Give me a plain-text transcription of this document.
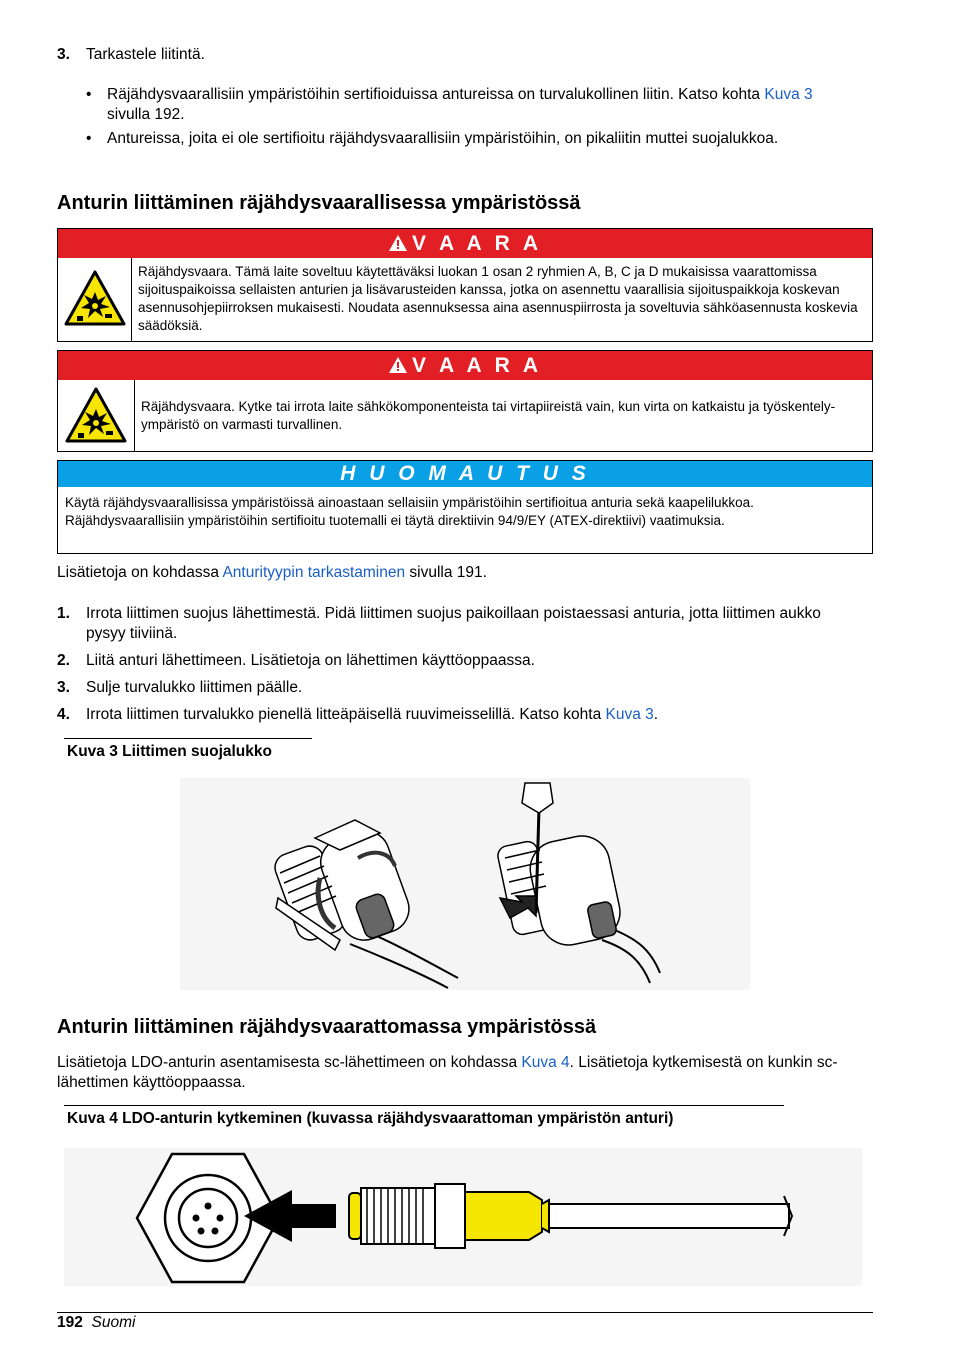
3. Tarkastele liitintä.
• Räjähdysvaarallisiin ympäristöihin sertifioiduissa antureissa on turvalukollinen liitin. Katso kohta Kuva 3 sivulla 192.
• Antureissa, joita ei ole sertifioitu räjähdysvaarallisiin ympäristöihin, on pikaliitin muttei suojalukkoa.
Anturin liittäminen räjähdysvaarallisessa ympäristössä
V A A R A
Räjähdysvaara. Tämä laite soveltuu käytettäväksi luokan 1 osan 2 ryhmien A, B, C ja D mukaisissa vaarattomissa sijoituspaikoissa sellaisten anturien ja lisävarusteiden kanssa, jotka on asennettu vaarallisia sijoituspaikkoja koskevan asennusohjepiirroksen mukaisesti. Noudata asennuksessa aina asennuspiirrosta ja soveltuvia sähköasennusta koskevia säädöksiä.
V A A R A
Räjähdysvaara. Kytke tai irrota laite sähkökomponenteista tai virtapiireistä vain, kun virta on katkaistu ja työskentely-ympäristö on varmasti turvallinen.
H U O M A U T U S
Käytä räjähdysvaarallisissa ympäristöissä ainoastaan sellaisiin ympäristöihin sertifioitua anturia sekä kaapelilukkoa. Räjähdysvaarallisiin ympäristöihin sertifioitu tuotemalli ei täytä direktiivin 94/9/EY (ATEX-direktiivi) vaatimuksia.
Lisätietoja on kohdassa Anturityypin tarkastaminen sivulla 191.
1. Irrota liittimen suojus lähettimestä. Pidä liittimen suojus paikoillaan poistaessasi anturia, jotta liittimen aukko pysyy tiiviinä.
2. Liitä anturi lähettimeen. Lisätietoja on lähettimen käyttöoppaassa.
3. Sulje turvalukko liittimen päälle.
4. Irrota liittimen turvalukko pienellä litteäpäisellä ruuvimeisselillä. Katso kohta Kuva 3.
Kuva 3 Liittimen suojalukko
Anturin liittäminen räjähdysvaarattomassa ympäristössä
Lisätietoja LDO-anturin asentamisesta sc-lähettimeen on kohdassa Kuva 4. Lisätietoja kytkemisestä on kunkin sc-lähettimen käyttöoppaassa.
Kuva 4 LDO-anturin kytkeminen (kuvassa räjähdysvaarattoman ympäristön anturi)
192 Suomi
